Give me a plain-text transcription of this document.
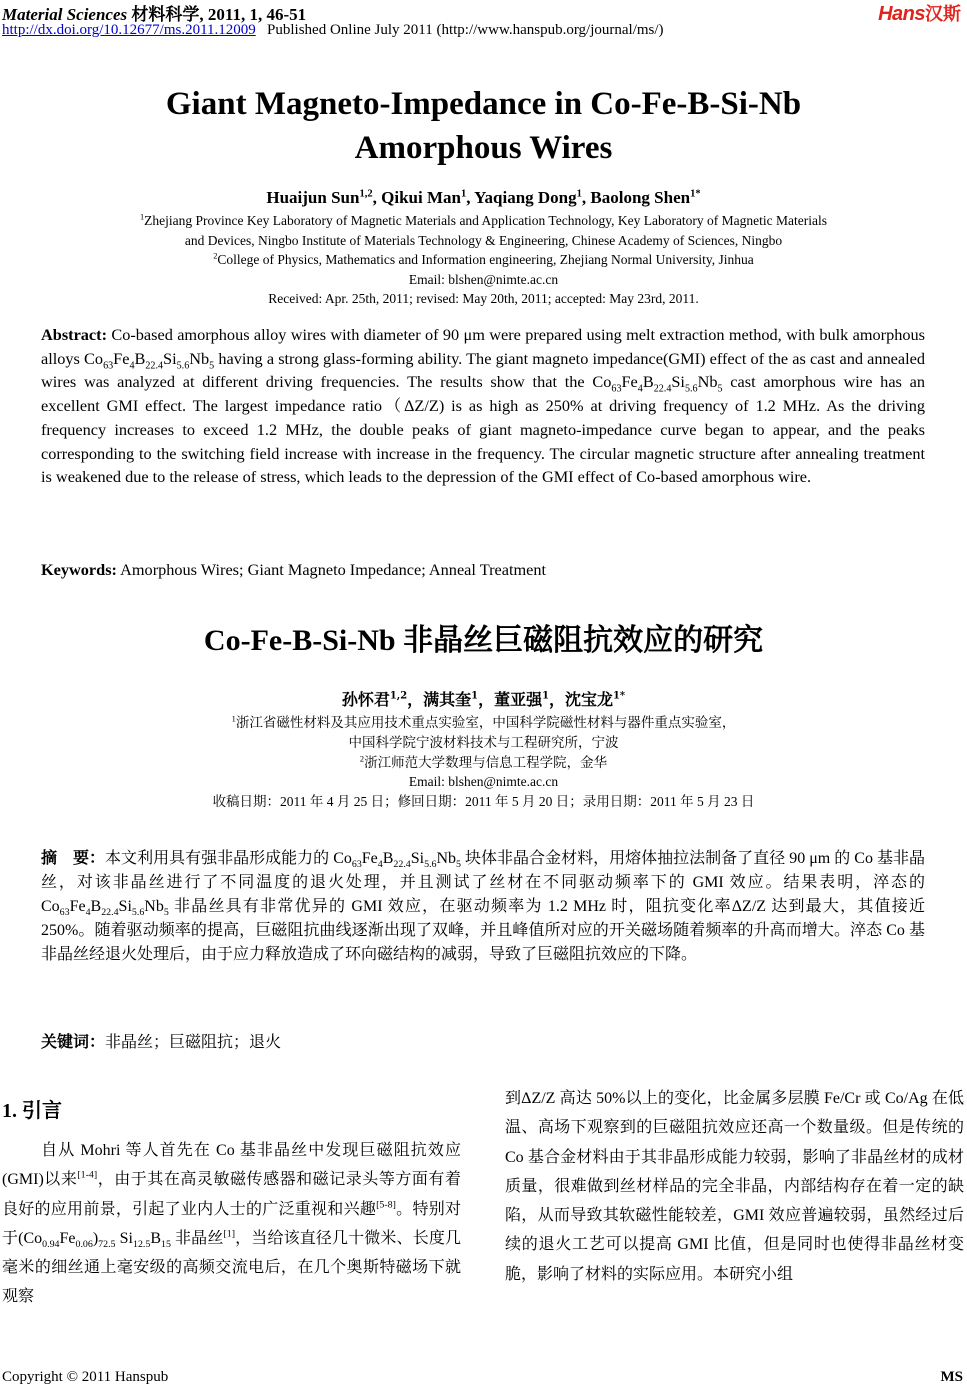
Material Sciences 材料科学, 2011, 1, 46-51
http://dx.doi.org/10.12677/ms.2011.12009 Published Online July 2011 (http://www.hanspub.org/journal/ms/)
Hans汉斯
Giant Magneto-Impedance in Co-Fe-B-Si-Nb
Amorphous Wires
Huaijun Sun$^{1,2}$, Qikui Man$^1$, Yaqiang Dong$^1$, Baolong Shen$^{1*}$
$^1$Zhejiang Province Key Laboratory of Magnetic Materials and Application Technology, Key Laboratory of Magnetic Materials
and Devices, Ningbo Institute of Materials Technology & Engineering, Chinese Academy of Sciences, Ningbo
$^2$College of Physics, Mathematics and Information engineering, Zhejiang Normal University, Jinhua
Email: blshen@nimte.ac.cn
Received: Apr. 25th, 2011; revised: May 20th, 2011; accepted: May 23rd, 2011.
Abstract: Co-based amorphous alloy wires with diameter of 90 μm were prepared using melt extraction method, with bulk amorphous alloys $Co_{63}Fe_4B_{22.4}Si_{5.6}Nb_5$ having a strong glass-forming ability. The giant magneto impedance(GMI) effect of the as cast and annealed wires was analyzed at different driving frequencies. The results show that the $Co_{63}Fe_4B_{22.4}Si_{5.6}Nb_5$ cast amorphous wire has an excellent GMI effect. The largest impedance ratio（ΔZ/Z) is as high as 250% at driving frequency of 1.2 MHz. As the driving frequency increases to exceed 1.2 MHz, the double peaks of giant magneto-impedance curve began to appear, and the peaks corresponding to the switching field increase with increase in the frequency. The circular magnetic structure after annealing treatment is weakened due to the release of stress, which leads to the depression of the GMI effect of Co-based amorphous wire.
Keywords: Amorphous Wires; Giant Magneto Impedance; Anneal Treatment
Co-Fe-B-Si-Nb 非晶丝巨磁阻抗效应的研究
孙怀君$^{1,2}$，满其奎$^1$，董亚强$^1$，沈宝龙$^{1*}$
$^1$浙江省磁性材料及其应用技术重点实验室，中国科学院磁性材料与器件重点实验室，
中国科学院宁波材料技术与工程研究所，宁波
$^2$浙江师范大学数理与信息工程学院，金华
Email: blshen@nimte.ac.cn
收稿日期：2011 年 4 月 25 日；修回日期：2011 年 5 月 20 日；录用日期：2011 年 5 月 23 日
摘　要：本文利用具有强非晶形成能力的 $Co_{63}Fe_4B_{22.4}Si_{5.6}Nb_5$ 块体非晶合金材料，用熔体抽拉法制备了直径 90 μm 的 Co 基非晶丝，对该非晶丝进行了不同温度的退火处理，并且测试了丝材在不同驱动频率下的 GMI 效应。结果表明，淬态的 $Co_{63}Fe_4B_{22.4}Si_{5.6}Nb_5$ 非晶丝具有非常优异的 GMI 效应，在驱动频率为 1.2 MHz 时，阻抗变化率ΔZ/Z 达到最大，其值接近 250%。随着驱动频率的提高，巨磁阻抗曲线逐渐出现了双峰，并且峰值所对应的开关磁场随着频率的升高而增大。淬态 Co 基非晶丝经退火处理后，由于应力释放造成了环向磁结构的减弱，导致了巨磁阻抗效应的下降。
关键词：非晶丝；巨磁阻抗；退火
1. 引言
自从 Mohri 等人首先在 Co 基非晶丝中发现巨磁阻抗效应(GMI)以来[1-4]，由于其在高灵敏磁传感器和磁记录头等方面有着良好的应用前景，引起了业内人士的广泛重视和兴趣[5-8]。特别对于$(Co_{0.94}Fe_{0.06})_{72.5}$ $Si_{12.5}B_{15}$ 非晶丝[1]，当给该直径几十微米、长度几毫米的细丝通上毫安级的高频交流电后，在几个奥斯特磁场下就观察
到ΔZ/Z 高达 50%以上的变化，比金属多层膜 Fe/Cr 或 Co/Ag 在低温、高场下观察到的巨磁阻抗效应还高一个数量级。但是传统的 Co 基合金材料由于其非晶形成能力较弱，影响了非晶丝材的成材质量，很难做到丝材样品的完全非晶，内部结构存在着一定的缺陷，从而导致其软磁性能较差，GMI 效应普遍较弱，虽然经过后续的退火工艺可以提高 GMI 比值，但是同时也使得非晶丝材变脆，影响了材料的实际应用。本研究小组
Copyright © 2011 Hanspub	MS
